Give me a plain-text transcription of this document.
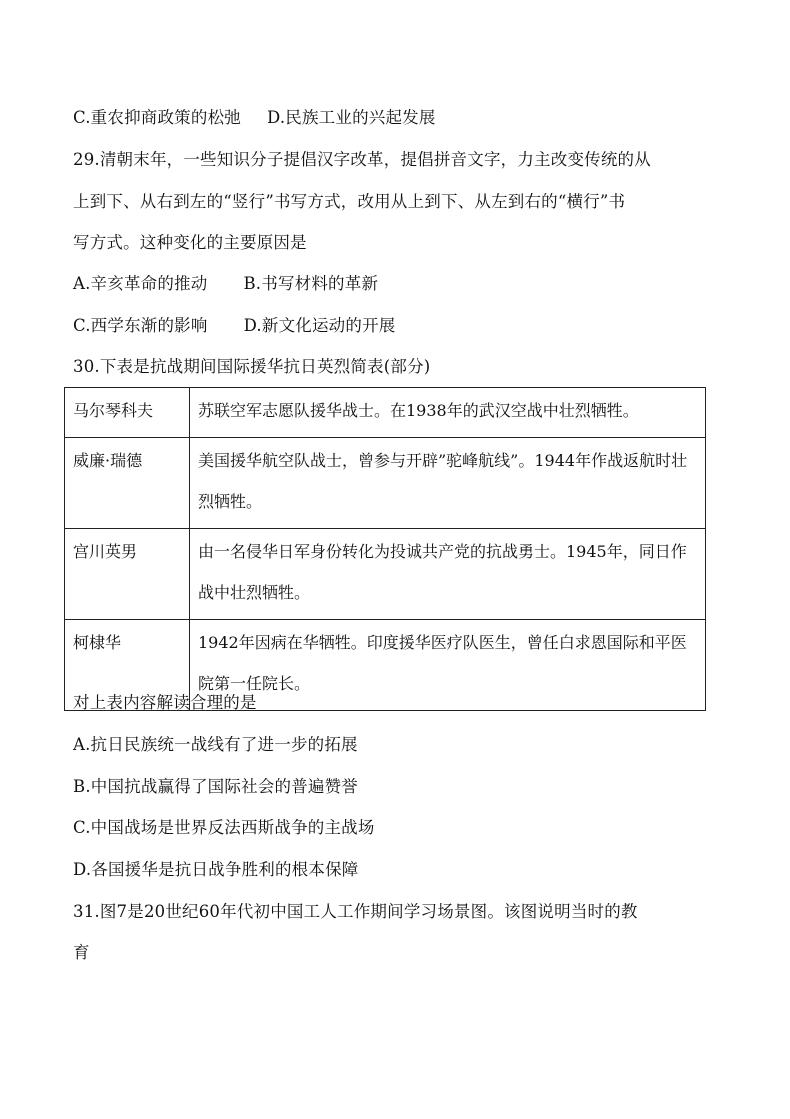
C.重农抑商政策的松弛 D.民族工业的兴起发展
29.清朝末年，一些知识分子提倡汉字改革，提倡拼音文字，力主改变传统的从
上到下、从右到左的“竖行”书写方式，改用从上到下、从左到右的“横行”书
写方式。这种变化的主要原因是
A.辛亥革命的推动 B.书写材料的革新
C.西学东渐的影响 D.新文化运动的开展
30.下表是抗战期间国际援华抗日英烈简表(部分)
马尔琴科夫	苏联空军志愿队援华战士。在1938年的武汉空战中壮烈牺牲。
威廉·瑞德	美国援华航空队战士，曾参与开辟”驼峰航线”。1944年作战返航时壮烈牺牲。
宫川英男	由一名侵华日军身份转化为投诚共产党的抗战勇士。1945年，同日作战中壮烈牺牲。
柯棣华	1942年因病在华牺牲。印度援华医疗队医生，曾任白求恩国际和平医院第一任院长。
对上表内容解读合理的是
A.抗日民族统一战线有了进一步的拓展
B.中国抗战赢得了国际社会的普遍赞誉
C.中国战场是世界反法西斯战争的主战场
D.各国援华是抗日战争胜利的根本保障
31.图7是20世纪60年代初中国工人工作期间学习场景图。该图说明当时的教
育
